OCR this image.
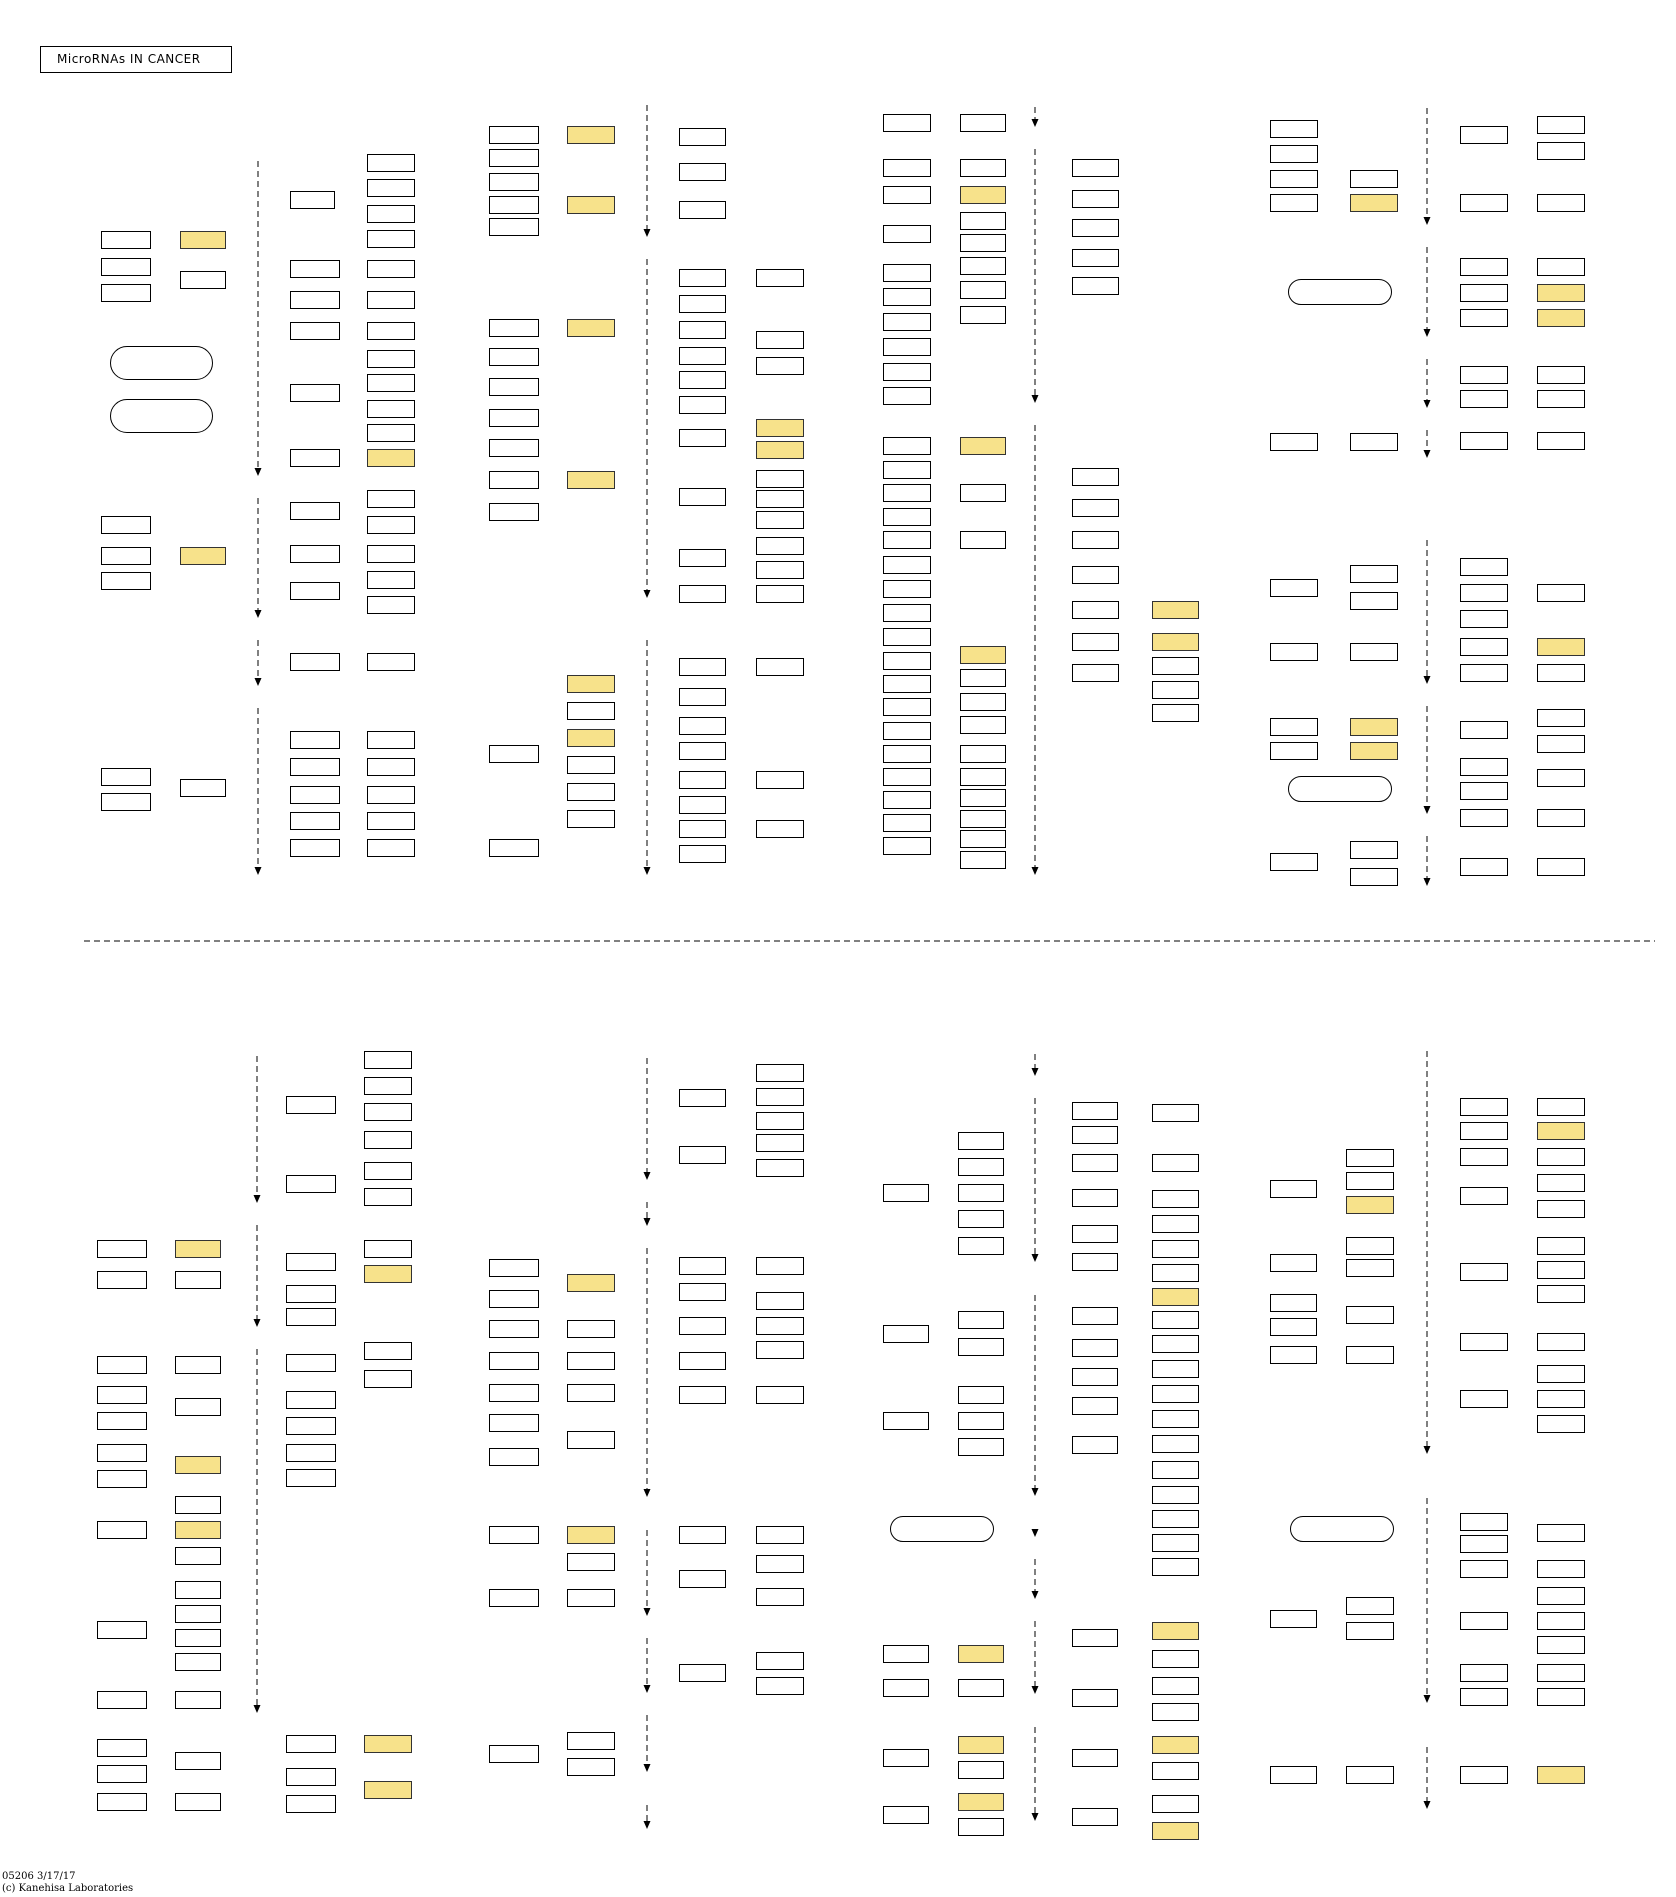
MicroRNAs IN CANCER
05206 3/17/17
(c) Kanehisa Laboratories
